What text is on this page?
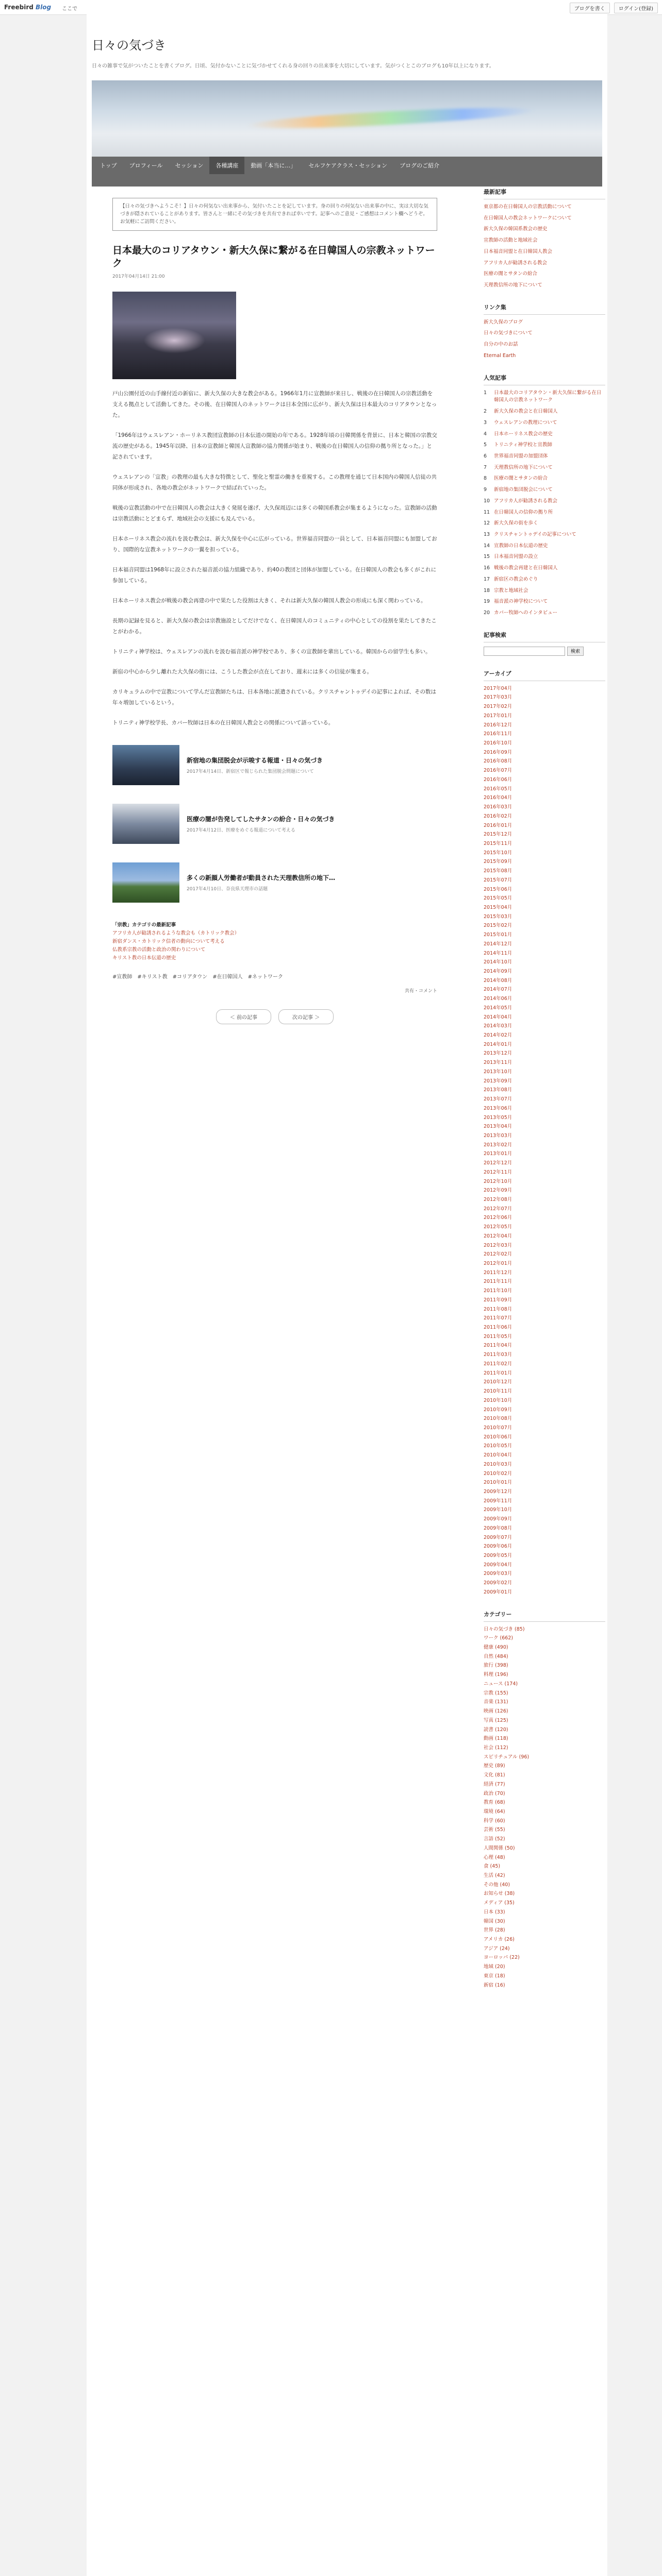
Freebird Blog ここで	ブログを書く	ログイン(登録)
日々の気づき
日々の雑事で気がついたことを書くブログ。日頃、気付かないことに気づかせてくれる身の回りの出来事を大切にしています。気がつくとこのブログも10年以上になります。
トップ	プロフィール	セッション	各種講座	動画「本当に…」	セルフケアクラス・セッション	ブログのご紹介
【日々の気づきへようこそ！】日々の何気ない出来事から、気付いたことを記しています。身の回りの何気ない出来事の中に、実は大切な気づきが隠されていることがあります。皆さんと一緒にその気づきを共有できれば幸いです。記事へのご意見・ご感想はコメント欄へどうぞ。お気軽にご訪問ください。
日本最大のコリアタウン・新大久保に繋がる在日韓国人の宗教ネットワーク
2017年04月14日 21:00
戸山公園付近の山手線付近の新宿に、新大久保の大きな教会がある。1966年1月に宣教師が来日し、戦後の在日韓国人の宗教活動を支える拠点として活動してきた。その後、在日韓国人のネットワークは日本全国に広がり、新大久保は日本最大のコリアタウンとなった。
「1966年はウェスレアン・ホーリネス教団宣教師の日本伝道の開始の年である。1928年頃の日韓関係を背景に、日本と韓国の宗教交流の歴史がある。1945年以降、日本の宣教師と韓国人宣教師の協力関係が始まり、戦後の在日韓国人の信仰の拠り所となった。」と記されています。
ウェスレアンの「宣教」の教理の最も大きな特徴として、聖化と聖霊の働きを重視する。この教理を通じて日本国内の韓国人信徒の共同体が形成され、各地の教会がネットワークで結ばれていった。
戦後の宣教活動の中で在日韓国人の教会は大きく発展を遂げ、大久保周辺には多くの韓国系教会が集まるようになった。宣教師の活動は宗教活動にとどまらず、地域社会の支援にも及んでいる。
日本ホーリネス教会の流れを汲む教会は、新大久保を中心に広がっている。世界福音同盟の一員として、日本福音同盟にも加盟しており、国際的な宣教ネットワークの一翼を担っている。
日本福音同盟は1968年に設立された福音派の協力組織であり、約40の教団と団体が加盟している。在日韓国人の教会も多くがこれに参加している。
日本ホーリネス教会が戦後の教会再建の中で果たした役割は大きく、それは新大久保の韓国人教会の形成にも深く関わっている。
長期の記録を見ると、新大久保の教会は宗教施設としてだけでなく、在日韓国人のコミュニティの中心としての役割を果たしてきたことがわかる。
トリニティ神学校は、ウェスレアンの流れを汲む福音派の神学校であり、多くの宣教師を輩出している。韓国からの留学生も多い。
新宿の中心から少し離れた大久保の街には、こうした教会が点在しており、週末には多くの信徒が集まる。
カリキュラムの中で宣教について学んだ宣教師たちは、日本各地に派遣されている。クリスチャントゥデイの記事によれば、その数は年々増加しているという。
トリニティ神学校学長、カバー牧師は日本の在日韓国人教会との関係について語っている。
新宿地の集団脱会が示唆する報道・日々の気づき
2017年4月14日、新宿区で報じられた集団脱会問題について
医療の闇が告発してしたサタンの紛合・日々の気づき
2017年4月12日、医療をめぐる報道について考える
多くの新顔人労働者が動員された天理教信所の地下…
2017年4月10日、奈良県天理市の話題
「宗教」カテゴリの最新記事
アフリカ人が勧誘されるような教会も（カトリック教会）
新宿ダンス・カトリック信者の動向について考える
仏教系宗教の活動と政治の関わりについて
キリスト教の日本伝道の歴史
#宣教師 #キリスト教 #コリアタウン #在日韓国人 #ネットワーク
共有・コメント
＜ 前の記事	次の記事 ＞
最新記事
東京都の在日韓国人の宗教活動について
在日韓国人の教会ネットワークについて
新大久保の韓国系教会の歴史
宣教師の活動と地域社会
日本福音同盟と在日韓国人教会
アフリカ人が勧誘される教会
医療の闇とサタンの紛合
天理教信所の地下について
リンク集
新大久保のブログ
日々の気づきについて
自分の中のお話
Eternal Earth
人気記事
1	日本最大のコリアタウン・新大久保に繋がる在日韓国人の宗教ネットワーク
2	新大久保の教会と在日韓国人
3	ウェスレアンの教理について
4	日本ホーリネス教会の歴史
5	トリニティ神学校と宣教師
6	世界福音同盟の加盟団体
7	天理教信所の地下について
8	医療の闇とサタンの紛合
9	新宿地の集団脱会について
10 アフリカ人が勧誘される教会
11 在日韓国人の信仰の拠り所
12 新大久保の街を歩く
13 クリスチャントゥデイの記事について
14 宣教師の日本伝道の歴史
15 日本福音同盟の設立
16 戦後の教会再建と在日韓国人
17 新宿区の教会めぐり
18 宗教と地域社会
19 福音派の神学校について
20 カバー牧師へのインタビュー
記事検索
検索
アーカイブ
2017年04月
2017年03月
2017年02月
2017年01月
2016年12月
2016年11月
2016年10月
2016年09月
2016年08月
2016年07月
2016年06月
2016年05月
2016年04月
2016年03月
2016年02月
2016年01月
2015年12月
2015年11月
2015年10月
2015年09月
2015年08月
2015年07月
2015年06月
2015年05月
2015年04月
2015年03月
2015年02月
2015年01月
2014年12月
2014年11月
2014年10月
2014年09月
2014年08月
2014年07月
2014年06月
2014年05月
2014年04月
2014年03月
2014年02月
2014年01月
2013年12月
2013年11月
2013年10月
2013年09月
2013年08月
2013年07月
2013年06月
2013年05月
2013年04月
2013年03月
2013年02月
2013年01月
2012年12月
2012年11月
2012年10月
2012年09月
2012年08月
2012年07月
2012年06月
2012年05月
2012年04月
2012年03月
2012年02月
2012年01月
2011年12月
2011年11月
2011年10月
2011年09月
2011年08月
2011年07月
2011年06月
2011年05月
2011年04月
2011年03月
2011年02月
2011年01月
2010年12月
2010年11月
2010年10月
2010年09月
2010年08月
2010年07月
2010年06月
2010年05月
2010年04月
2010年03月
2010年02月
2010年01月
2009年12月
2009年11月
2009年10月
2009年09月
2009年08月
2009年07月
2009年06月
2009年05月
2009年04月
2009年03月
2009年02月
2009年01月
カテゴリー
日々の気づき (85)
ワーク (662)
健康 (490)
自然 (484)
旅行 (398)
料理 (196)
ニュース (174)
宗教 (155)
音楽 (131)
映画 (126)
写真 (125)
読書 (120)
動画 (118)
社会 (112)
スピリチュアル (96)
歴史 (89)
文化 (81)
経済 (77)
政治 (70)
教育 (68)
環境 (64)
科学 (60)
芸術 (55)
言語 (52)
人間関係 (50)
心理 (48)
食 (45)
生活 (42)
その他 (40)
お知らせ (38)
メディア (35)
日本 (33)
韓国 (30)
世界 (28)
アメリカ (26)
アジア (24)
ヨーロッパ (22)
地域 (20)
東京 (18)
新宿 (16)
